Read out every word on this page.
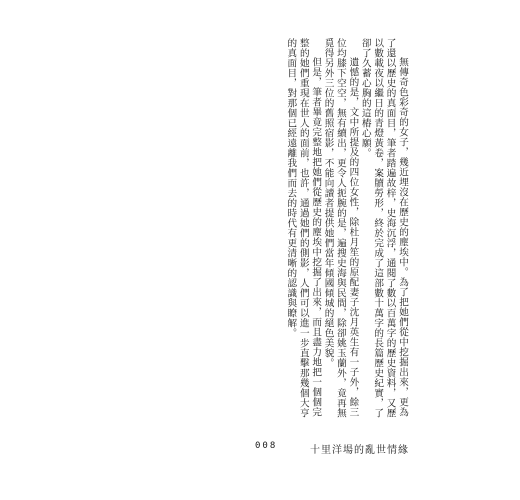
無傳奇色彩奇的女子，幾近埋沒在歷史的塵埃中。為了把她們從中挖掘出來，更為了還以歷史的真面目，筆者踏遍故梓，史海沉浮，通閱了數以百萬字的歷史資料，又歷以數載夜以繼日的青燈黃卷，案牘勞形，終於完成了這部數十萬字的長篇歷史紀實，了卻了久蓄心胸的這樁心願。

遺憾的是，文中所提及的四位女性，除杜月笙的原配妻子沈月英生有一子外，餘三位均膝下空空，無有續出，更令人扼腕的是，遍搜史海與民間，除卻姚玉蘭外，竟再無覓得另外三位的舊照宿影，不能向讀者提供她們當年傾國傾城的絕色美貌。

但是，筆者畢竟完整地把她們從歷史的塵埃中挖掘了出來，而且盡力地把一個個完整的她們重現在世人的面前，也許，通過她們的側影，人們可以進一步直擊那幾個大亨的真面目，對那個已經遠離我們而去的時代有更清晰的認識與瞭解。

008	十里洋場的亂世情緣
